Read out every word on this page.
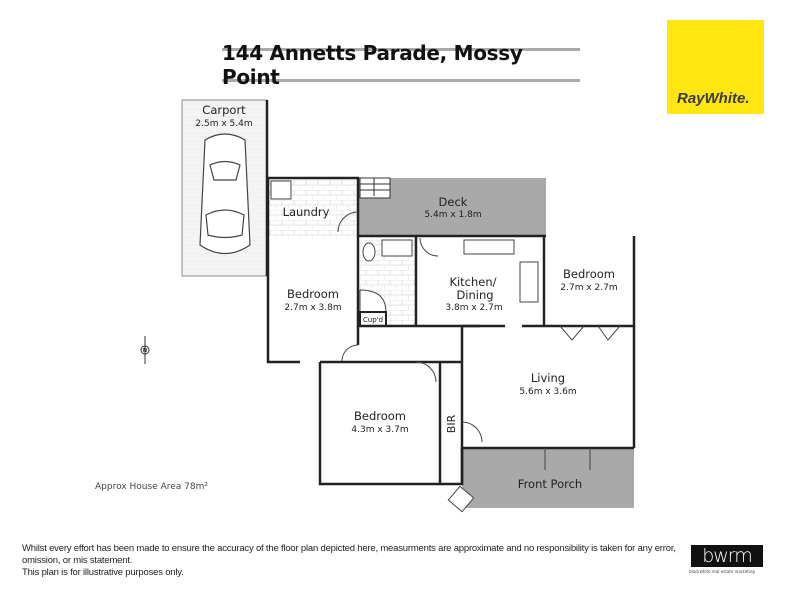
144 Annetts Parade, Mossy Point
RayWhite.
N
Carport
2.5m x 5.4m
Laundry
Deck
5.4m x 1.8m
Kitchen/
Dining
3.8m x 2.7m
Bedroom
2.7m x 2.7m
Bedroom
2.7m x 3.8m
Living
5.6m x 3.6m
Bedroom
4.3m x 3.7m
Front Porch
BIR
Cup'd
Approx House Area 78m²
Whilst every effort has been made to ensure the accuracy of the floor plan depicted here, measurments are approximate and no responsibility is taken for any error, omission, or mis statement.
This plan is for illustrative purposes only.
bwrm
blackwhite real estate marketing
